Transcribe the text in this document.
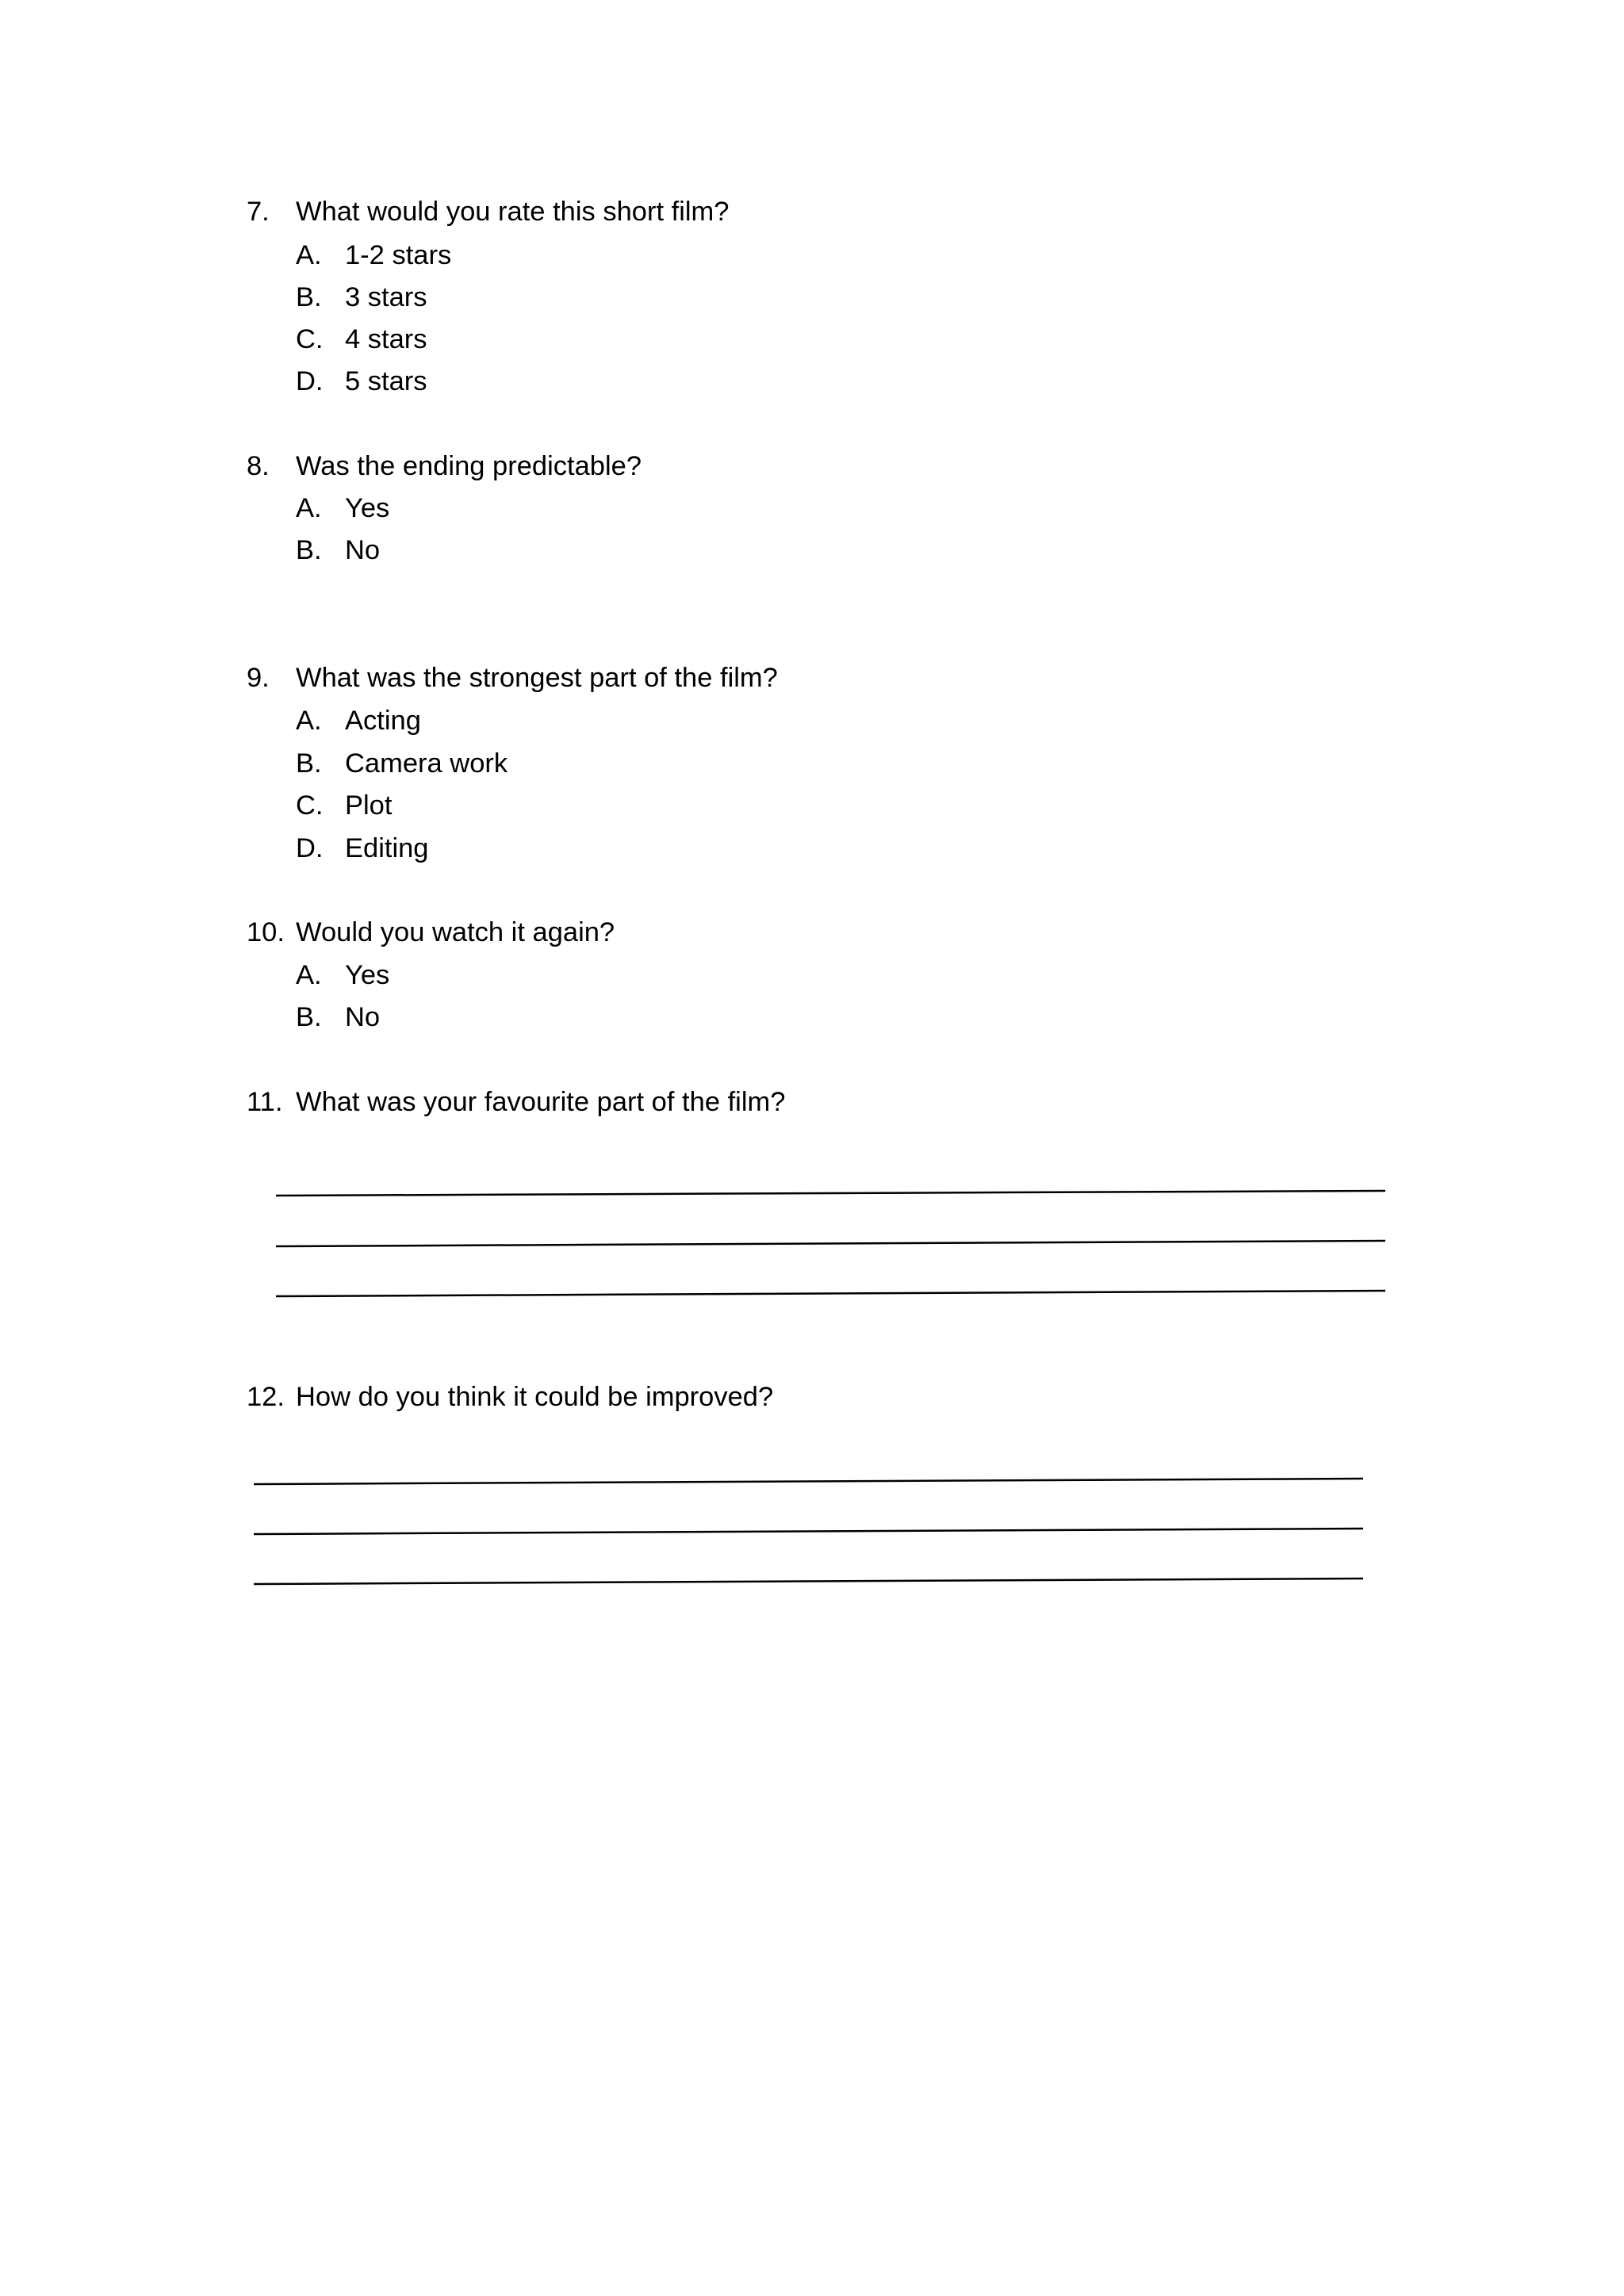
7. What would you rate this short film?
A. 1-2 stars
B. 3 stars
C. 4 stars
D. 5 stars
8. Was the ending predictable?
A. Yes
B. No
9. What was the strongest part of the film?
A. Acting
B. Camera work
C. Plot
D. Editing
10. Would you watch it again?
A. Yes
B. No
11. What was your favourite part of the film?
12. How do you think it could be improved?
